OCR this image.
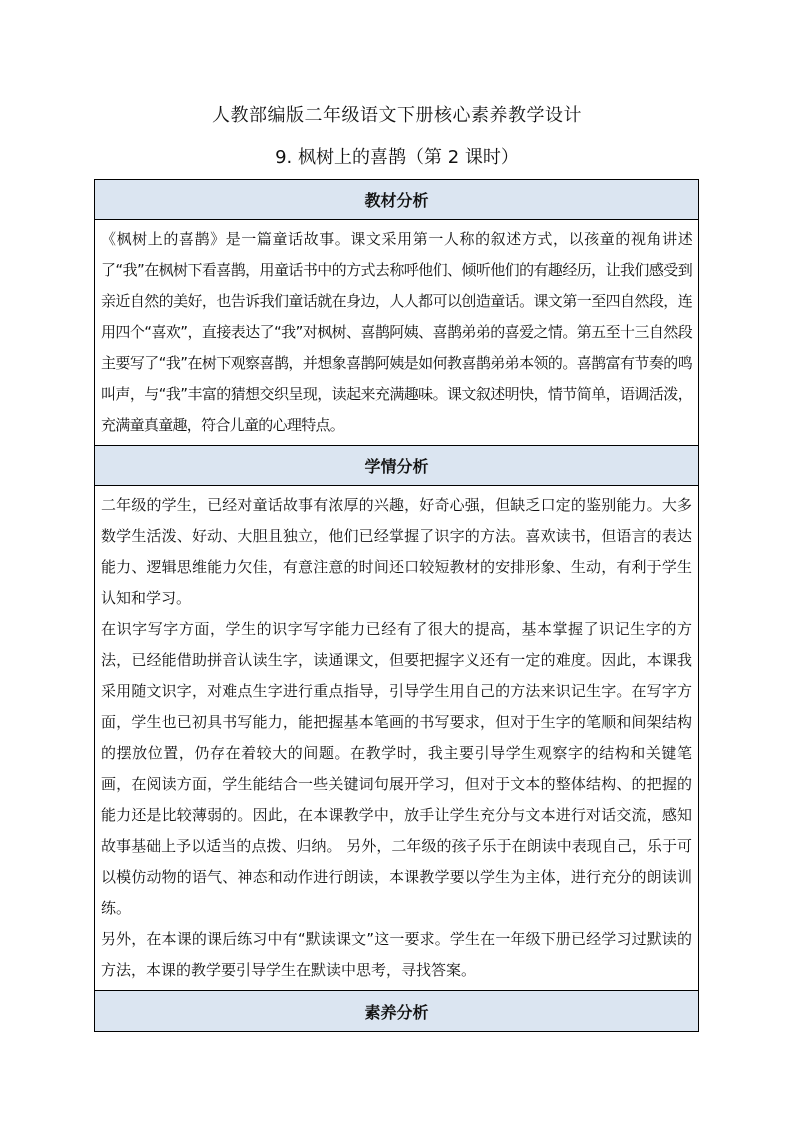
人教部编版二年级语文下册核心素养教学设计
9. 枫树上的喜鹊（第 2 课时）
教材分析

《枫树上的喜鹊》是一篇童话故事。课文采用第一人称的叙述方式，以孩童的视角讲述了“我”在枫树下看喜鹊，用童话书中的方式去称呼他们、倾听他们的有趣经历，让我们感受到亲近自然的美好，也告诉我们童话就在身边，人人都可以创造童话。课文第一至四自然段，连用四个“喜欢”，直接表达了“我”对枫树、喜鹊阿姨、喜鹊弟弟的喜爱之情。第五至十三自然段主要写了“我”在树下观察喜鹊，并想象喜鹊阿姨是如何教喜鹊弟弟本领的。喜鹊富有节奏的鸣叫声，与“我”丰富的猜想交织呈现，读起来充满趣味。课文叙述明快，情节简单，语调活泼，充满童真童趣，符合儿童的心理特点。

学情分析

二年级的学生，已经对童话故事有浓厚的兴趣，好奇心强，但缺乏口定的鉴别能力。大多数学生活泼、好动、大胆且独立，他们已经掌握了识字的方法。喜欢读书，但语言的表达能力、逻辑思维能力欠佳，有意注意的时间还口较短教材的安排形象、生动，有利于学生认知和学习。

在识字写字方面，学生的识字写字能力已经有了很大的提高，基本掌握了识记生字的方法，已经能借助拼音认读生字，读通课文，但要把握字义还有一定的难度。因此，本课我采用随文识字，对难点生字进行重点指导，引导学生用自己的方法来识记生字。在写字方面，学生也已初具书写能力，能把握基本笔画的书写要求，但对于生字的笔顺和间架结构的摆放位置，仍存在着较大的间题。在教学时，我主要引导学生观察字的结构和关键笔画，在阅读方面，学生能结合一些关键词句展开学习，但对于文本的整体结构、的把握的能力还是比较薄弱的。因此，在本课教学中，放手让学生充分与文本进行对话交流，感知故事基础上予以适当的点拨、归纳。 另外，二年级的孩子乐于在朗读中表现自己，乐于可以模仿动物的语气、神态和动作进行朗读，本课教学要以学生为主体，进行充分的朗读训练。

另外，在本课的课后练习中有“默读课文”这一要求。学生在一年级下册已经学习过默读的方法，本课的教学要引导学生在默读中思考，寻找答案。

素养分析
